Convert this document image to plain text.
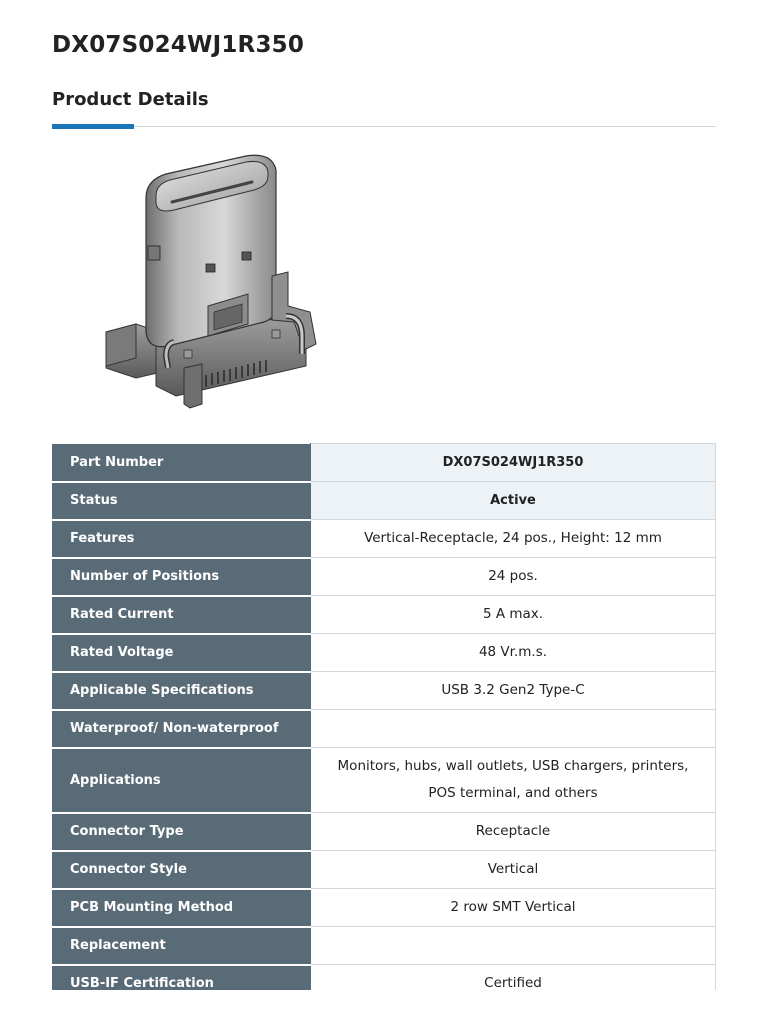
DX07S024WJ1R350
Product Details
Part Number	DX07S024WJ1R350
Status	Active
Features	Vertical-Receptacle, 24 pos., Height: 12 mm
Number of Positions	24 pos.
Rated Current	5 A max.
Rated Voltage	48 Vr.m.s.
Applicable Specifications	USB 3.2 Gen2 Type-C
Waterproof/ Non-waterproof	
Applications	Monitors, hubs, wall outlets, USB chargers, printers, POS terminal, and others
Connector Type	Receptacle
Connector Style	Vertical
PCB Mounting Method	2 row SMT Vertical
Replacement	
USB-IF Certification	Certified
